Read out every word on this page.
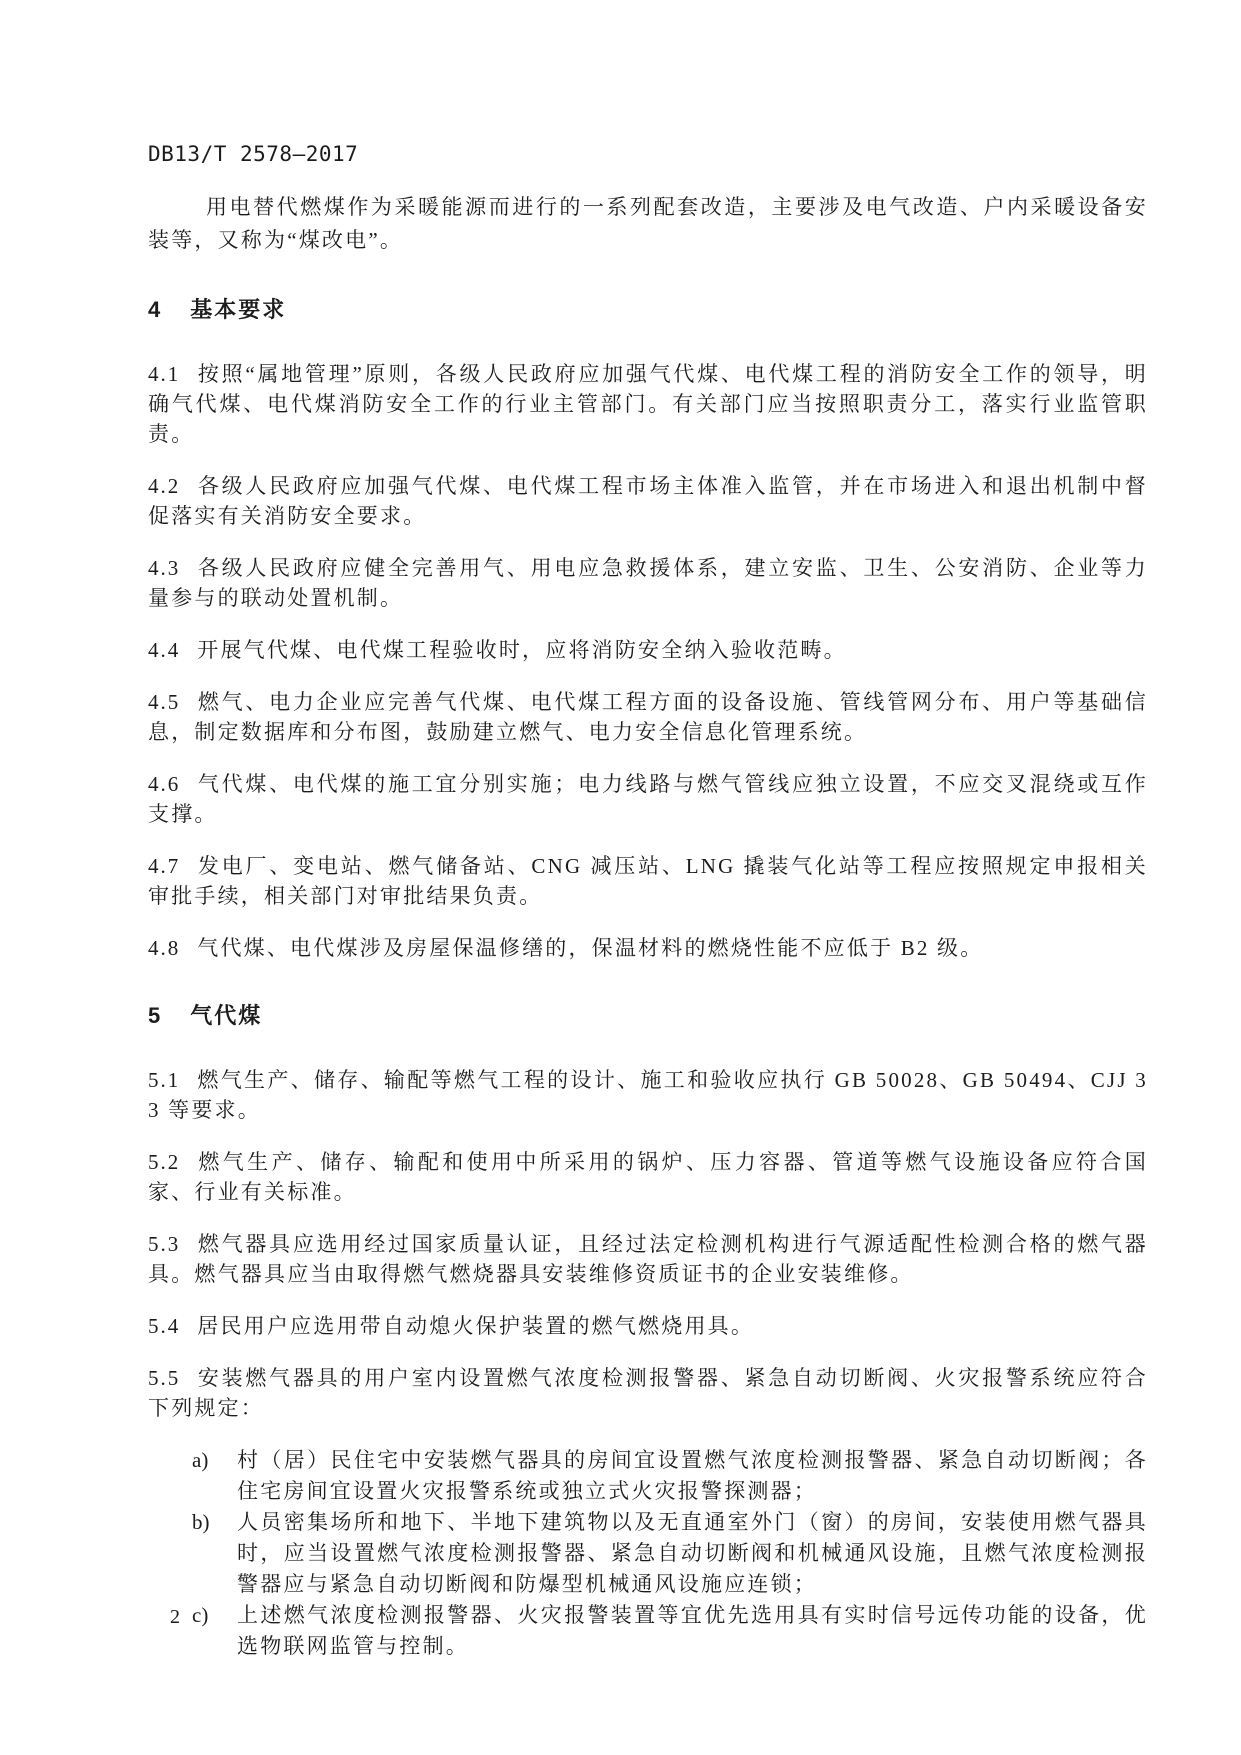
DB13/T 2578—2017

用电替代燃煤作为采暖能源而进行的一系列配套改造，主要涉及电气改造、户内采暖设备安装等，又称为“煤改电”。

4 基本要求

4.1 按照“属地管理”原则，各级人民政府应加强气代煤、电代煤工程的消防安全工作的领导，明确气代煤、电代煤消防安全工作的行业主管部门。有关部门应当按照职责分工，落实行业监管职责。

4.2 各级人民政府应加强气代煤、电代煤工程市场主体准入监管，并在市场进入和退出机制中督促落实有关消防安全要求。

4.3 各级人民政府应健全完善用气、用电应急救援体系，建立安监、卫生、公安消防、企业等力量参与的联动处置机制。

4.4 开展气代煤、电代煤工程验收时，应将消防安全纳入验收范畴。

4.5 燃气、电力企业应完善气代煤、电代煤工程方面的设备设施、管线管网分布、用户等基础信息，制定数据库和分布图，鼓励建立燃气、电力安全信息化管理系统。

4.6 气代煤、电代煤的施工宜分别实施；电力线路与燃气管线应独立设置，不应交叉混绕或互作支撑。

4.7 发电厂、变电站、燃气储备站、CNG 减压站、LNG 撬装气化站等工程应按照规定申报相关审批手续，相关部门对审批结果负责。

4.8 气代煤、电代煤涉及房屋保温修缮的，保温材料的燃烧性能不应低于 B2 级。

5 气代煤

5.1 燃气生产、储存、输配等燃气工程的设计、施工和验收应执行 GB 50028、GB 50494、CJJ 33 等要求。

5.2 燃气生产、储存、输配和使用中所采用的锅炉、压力容器、管道等燃气设施设备应符合国家、行业有关标准。

5.3 燃气器具应选用经过国家质量认证，且经过法定检测机构进行气源适配性检测合格的燃气器具。燃气器具应当由取得燃气燃烧器具安装维修资质证书的企业安装维修。

5.4 居民用户应选用带自动熄火保护装置的燃气燃烧用具。

5.5 安装燃气器具的用户室内设置燃气浓度检测报警器、紧急自动切断阀、火灾报警系统应符合下列规定：

a) 村（居）民住宅中安装燃气器具的房间宜设置燃气浓度检测报警器、紧急自动切断阀；各住宅房间宜设置火灾报警系统或独立式火灾报警探测器；
b) 人员密集场所和地下、半地下建筑物以及无直通室外门（窗）的房间，安装使用燃气器具时，应当设置燃气浓度检测报警器、紧急自动切断阀和机械通风设施，且燃气浓度检测报警器应与紧急自动切断阀和防爆型机械通风设施应连锁；
c) 上述燃气浓度检测报警器、火灾报警装置等宜优先选用具有实时信号远传功能的设备，优选物联网监管与控制。
2
